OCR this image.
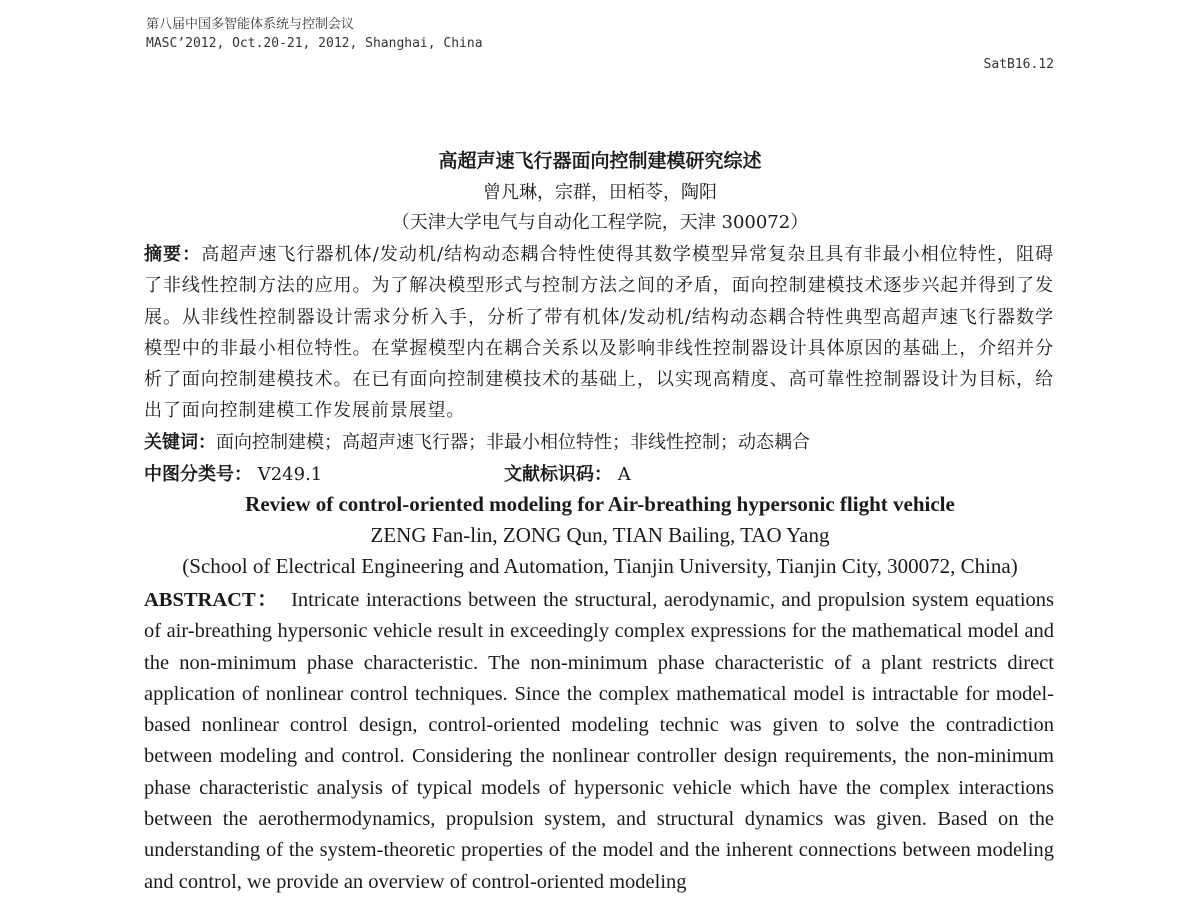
第八届中国多智能体系统与控制会议
MASC’2012, Oct.20-21, 2012, Shanghai, China
SatB16.12
高超声速飞行器面向控制建模研究综述
曾凡琳，宗群，田栢苓，陶阳
（天津大学电气与自动化工程学院，天津 300072）
摘要：高超声速飞行器机体/发动机/结构动态耦合特性使得其数学模型异常复杂且具有非最小相位特性，阻碍了非线性控制方法的应用。为了解决模型形式与控制方法之间的矛盾，面向控制建模技术逐步兴起并得到了发展。从非线性控制器设计需求分析入手，分析了带有机体/发动机/结构动态耦合特性典型高超声速飞行器数学模型中的非最小相位特性。在掌握模型内在耦合关系以及影响非线性控制器设计具体原因的基础上，介绍并分析了面向控制建模技术。在已有面向控制建模技术的基础上，以实现高精度、高可靠性控制器设计为目标，给出了面向控制建模工作发展前景展望。
关键词：面向控制建模；高超声速飞行器；非最小相位特性；非线性控制；动态耦合
中图分类号： V249.1	文献标识码： A
Review of control-oriented modeling for Air-breathing hypersonic flight vehicle
ZENG Fan-lin, ZONG Qun, TIAN Bailing, TAO Yang
(School of Electrical Engineering and Automation, Tianjin University, Tianjin City, 300072, China)
ABSTRACT： Intricate interactions between the structural, aerodynamic, and propulsion system equations of air-breathing hypersonic vehicle result in exceedingly complex expressions for the mathematical model and the non-minimum phase characteristic. The non-minimum phase characteristic of a plant restricts direct application of nonlinear control techniques. Since the complex mathematical model is intractable for model-based nonlinear control design, control-oriented modeling technic was given to solve the contradiction between modeling and control. Considering the nonlinear controller design requirements, the non-minimum phase characteristic analysis of typical models of hypersonic vehicle which have the complex interactions between the aerothermodynamics, propulsion system, and structural dynamics was given. Based on the understanding of the system-theoretic properties of the model and the inherent connections between modeling and control, we provide an overview of control-oriented modeling
